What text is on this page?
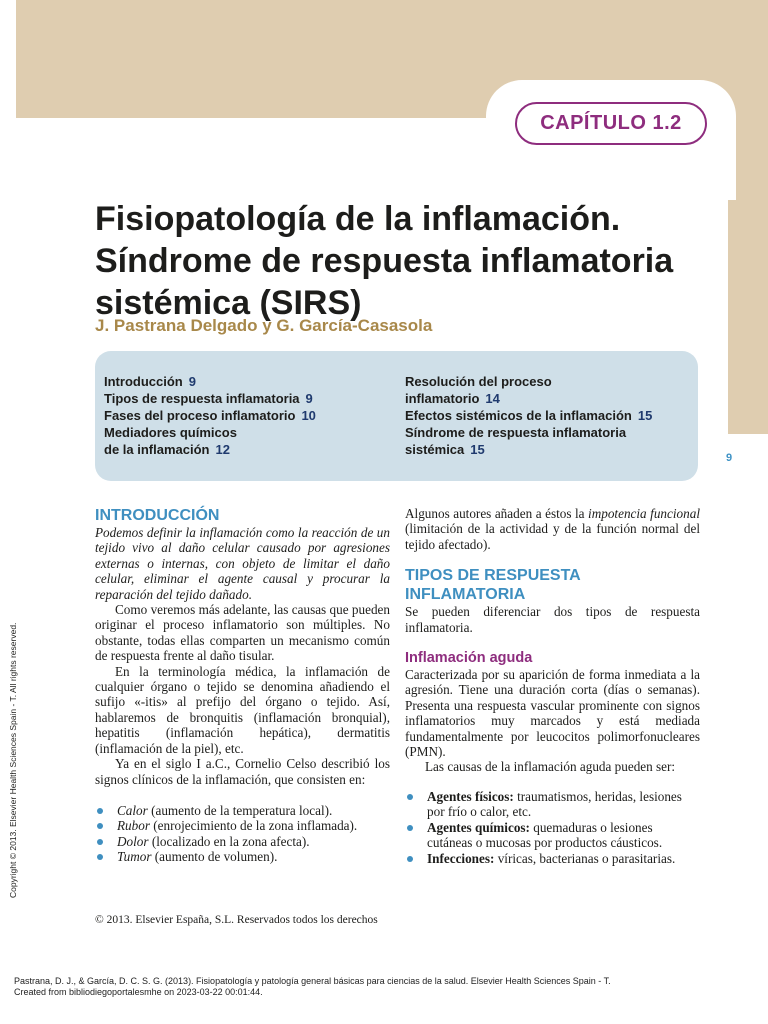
CAPÍTULO 1.2
Fisiopatología de la inflamación.
Síndrome de respuesta inflamatoria
sistémica (SIRS)
J. Pastrana Delgado y G. García-Casasola
Introducción 9
Tipos de respuesta inflamatoria 9
Fases del proceso inflamatorio 10
Mediadores químicos
de la inflamación 12
Resolución del proceso
inflamatorio 14
Efectos sistémicos de la inflamación 15
Síndrome de respuesta inflamatoria
sistémica 15
9
INTRODUCCIÓN

Podemos definir la inflamación como la reacción de un tejido vivo al daño celular causado por agresiones externas o internas, con objeto de limitar el daño celular, eliminar el agente causal y procurar la reparación del tejido dañado.

Como veremos más adelante, las causas que pueden originar el proceso inflamatorio son múltiples. No obstante, todas ellas comparten un mecanismo común de respuesta frente al daño tisular.

En la terminología médica, la inflamación de cualquier órgano o tejido se denomina añadiendo el sufijo «-itis» al prefijo del órgano o tejido. Así, hablaremos de bronquitis (inflamación bronquial), hepatitis (inflamación hepática), dermatitis (inflamación de la piel), etc.

Ya en el siglo I a.C., Cornelio Celso describió los signos clínicos de la inflamación, que consisten en:

Calor (aumento de la temperatura local).
Rubor (enrojecimiento de la zona inflamada).
Dolor (localizado en la zona afecta).
Tumor (aumento de volumen).

Algunos autores añaden a éstos la impotencia funcional (limitación de la actividad y de la función normal del tejido afectado).

TIPOS DE RESPUESTA INFLAMATORIA

Se pueden diferenciar dos tipos de respuesta inflamatoria.

Inflamación aguda

Caracterizada por su aparición de forma inmediata a la agresión. Tiene una duración corta (días o semanas). Presenta una respuesta vascular prominente con signos inflamatorios muy marcados y está mediada fundamentalmente por leucocitos polimorfonucleares (PMN).

Las causas de la inflamación aguda pueden ser:

Agentes físicos: traumatismos, heridas, lesiones por frío o calor, etc.
Agentes químicos: quemaduras o lesiones cutáneas o mucosas por productos cáusticos.
Infecciones: víricas, bacterianas o parasitarias.
© 2013. Elsevier España, S.L. Reservados todos los derechos
Copyright © 2013. Elsevier Health Sciences Spain - T. All rights reserved.
Pastrana, D. J., & García, D. C. S. G. (2013). Fisiopatología y patología general básicas para ciencias de la salud. Elsevier Health Sciences Spain - T.
Created from bibliodiegoportalesmhe on 2023-03-22 00:01:44.
